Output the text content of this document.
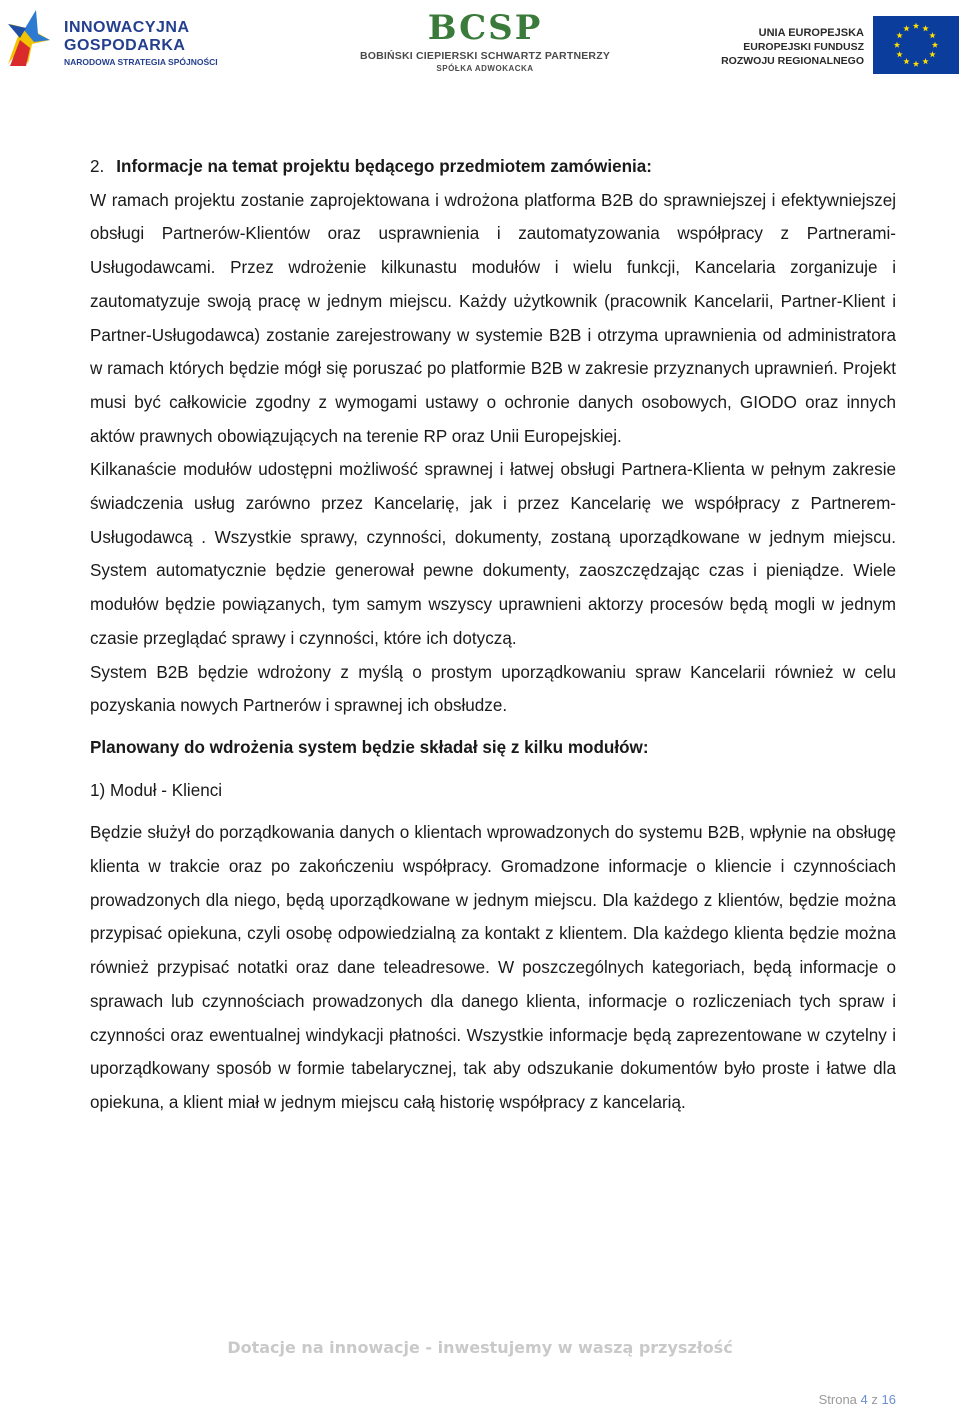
INNOWACYJNA
GOSPODARKA
NARODOWA STRATEGIA SPÓJNOŚCI
BCSP
BOBIŃSKI CIEPIERSKI SCHWARTZ PARTNERZY
SPÓŁKA ADWOKACKA
UNIA EUROPEJSKA
EUROPEJSKI FUNDUSZ
ROZWOJU REGIONALNEGO

2. Informacje na temat projektu będącego przedmiotem zamówienia:

W ramach projektu zostanie zaprojektowana i wdrożona platforma B2B do sprawniejszej i efektywniejszej obsługi Partnerów-Klientów oraz usprawnienia i zautomatyzowania współpracy z Partnerami-Usługodawcami. Przez wdrożenie kilkunastu modułów i wielu funkcji, Kancelaria zorganizuje i zautomatyzuje swoją pracę w jednym miejscu. Każdy użytkownik (pracownik Kancelarii, Partner-Klient i Partner-Usługodawca) zostanie zarejestrowany w systemie B2B i otrzyma uprawnienia od administratora w ramach których będzie mógł się poruszać po platformie B2B w zakresie przyznanych uprawnień. Projekt musi być całkowicie zgodny z wymogami ustawy o ochronie danych osobowych, GIODO oraz innych aktów prawnych obowiązujących na terenie RP oraz Unii Europejskiej.

Kilkanaście modułów udostępni możliwość sprawnej i łatwej obsługi Partnera-Klienta w pełnym zakresie świadczenia usług zarówno przez Kancelarię, jak i przez Kancelarię we współpracy z Partnerem-Usługodawcą . Wszystkie sprawy, czynności, dokumenty, zostaną uporządkowane w jednym miejscu. System automatycznie będzie generował pewne dokumenty, zaoszczędzając czas i pieniądze. Wiele modułów będzie powiązanych, tym samym wszyscy uprawnieni aktorzy procesów będą mogli w jednym czasie przeglądać sprawy i czynności, które ich dotyczą.

System B2B będzie wdrożony z myślą o prostym uporządkowaniu spraw Kancelarii również w celu pozyskania nowych Partnerów i sprawnej ich obsłudze.

Planowany do wdrożenia system będzie składał się z kilku modułów:

1) Moduł - Klienci

Będzie służył do porządkowania danych o klientach wprowadzonych do systemu B2B, wpłynie na obsługę klienta w trakcie oraz po zakończeniu współpracy. Gromadzone informacje o kliencie i czynnościach prowadzonych dla niego, będą uporządkowane w jednym miejscu. Dla każdego z klientów, będzie można przypisać opiekuna, czyli osobę odpowiedzialną za kontakt z klientem. Dla każdego klienta będzie można również przypisać notatki oraz dane teleadresowe. W poszczególnych kategoriach, będą informacje o sprawach lub czynnościach prowadzonych dla danego klienta, informacje o rozliczeniach tych spraw i czynności oraz ewentualnej windykacji płatności. Wszystkie informacje będą zaprezentowane w czytelny i uporządkowany sposób w formie tabelarycznej, tak aby odszukanie dokumentów było proste i łatwe dla opiekuna, a klient miał w jednym miejscu całą historię współpracy z kancelarią.

Dotacje na innowacje - inwestujemy w waszą przyszłość
Strona 4 z 16
